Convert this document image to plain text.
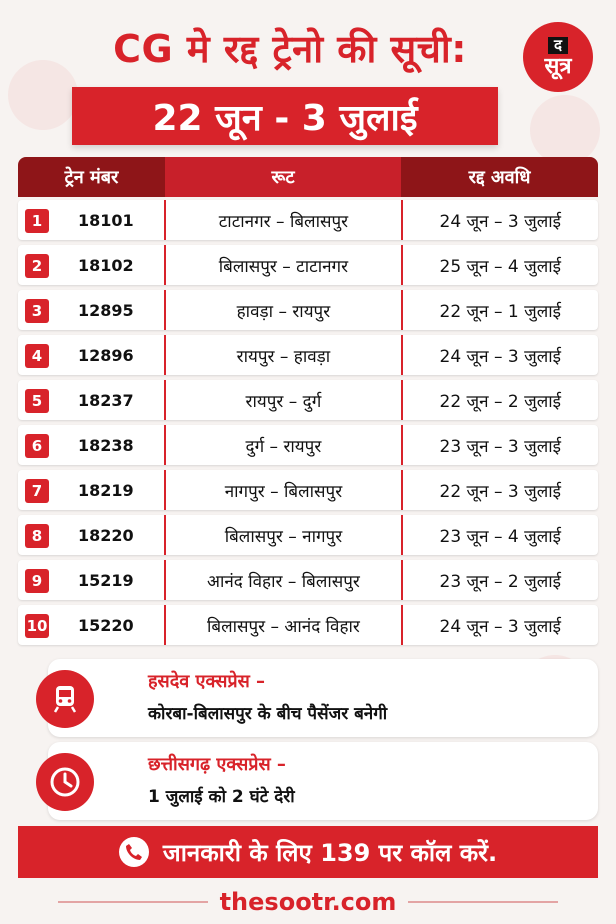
CG मे रद्द ट्रेनो की सूची:	द
सूत्र
22 जून - 3 जुलाई
ट्रेन मंबर	रूट	रद्द अवधि
1	18101	टाटानगर – बिलासपुर	24 जून – 3 जुलाई
2	18102	बिलासपुर – टाटानगर	25 जून – 4 जुलाई
3	12895	हावड़ा – रायपुर	22 जून – 1 जुलाई
4	12896	रायपुर – हावड़ा	24 जून – 3 जुलाई
5	18237	रायपुर – दुर्ग	22 जून – 2 जुलाई
6	18238	दुर्ग – रायपुर	23 जून – 3 जुलाई
7	18219	नागपुर – बिलासपुर	22 जून – 3 जुलाई
8	18220	बिलासपुर – नागपुर	23 जून – 4 जुलाई
9	15219	आनंद विहार – बिलासपुर	23 जून – 2 जुलाई
10	15220	बिलासपुर – आनंद विहार	24 जून – 3 जुलाई
हसदेव एक्सप्रेस –
कोरबा-बिलासपुर के बीच पैसेंजर बनेगी
छत्तीसगढ़ एक्सप्रेस –
1 जुलाई को 2 घंटे देरी
जानकारी के लिए 139 पर कॉल करें.
thesootr.com
